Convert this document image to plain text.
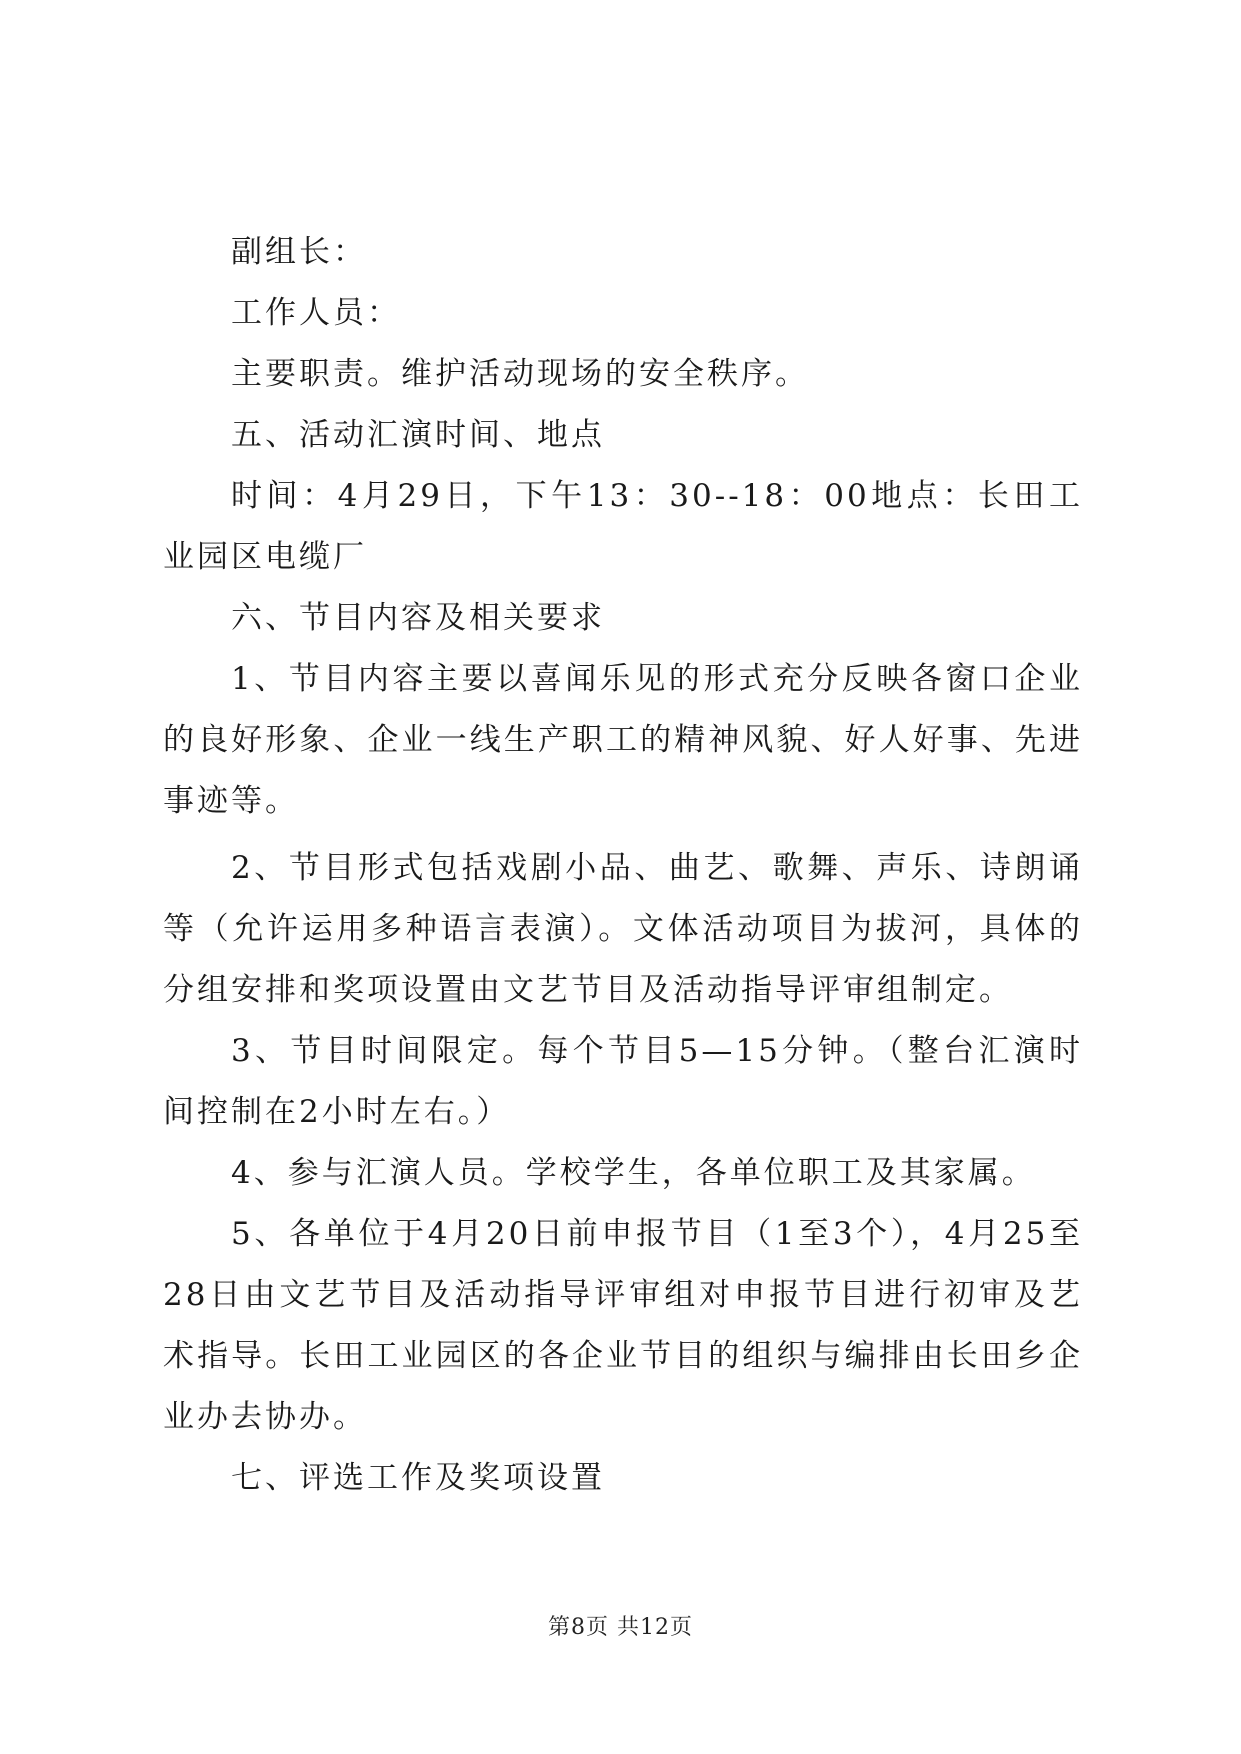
副组长：

工作人员：

主要职责。维护活动现场的安全秩序。

五、活动汇演时间、地点

时间：4月29日，下午13：30--18：00地点：长田工业园区电缆厂

六、节目内容及相关要求

1、节目内容主要以喜闻乐见的形式充分反映各窗口企业的良好形象、企业一线生产职工的精神风貌、好人好事、先进事迹等。

2、节目形式包括戏剧小品、曲艺、歌舞、声乐、诗朗诵等（允许运用多种语言表演）。文体活动项目为拔河，具体的分组安排和奖项设置由文艺节目及活动指导评审组制定。

3、节目时间限定。每个节目5—15分钟。（整台汇演时间控制在2小时左右。）

4、参与汇演人员。学校学生，各单位职工及其家属。

5、各单位于4月20日前申报节目（1至3个），4月25至28日由文艺节目及活动指导评审组对申报节目进行初审及艺术指导。长田工业园区的各企业节目的组织与编排由长田乡企业办去协办。

七、评选工作及奖项设置

第8页 共12页
